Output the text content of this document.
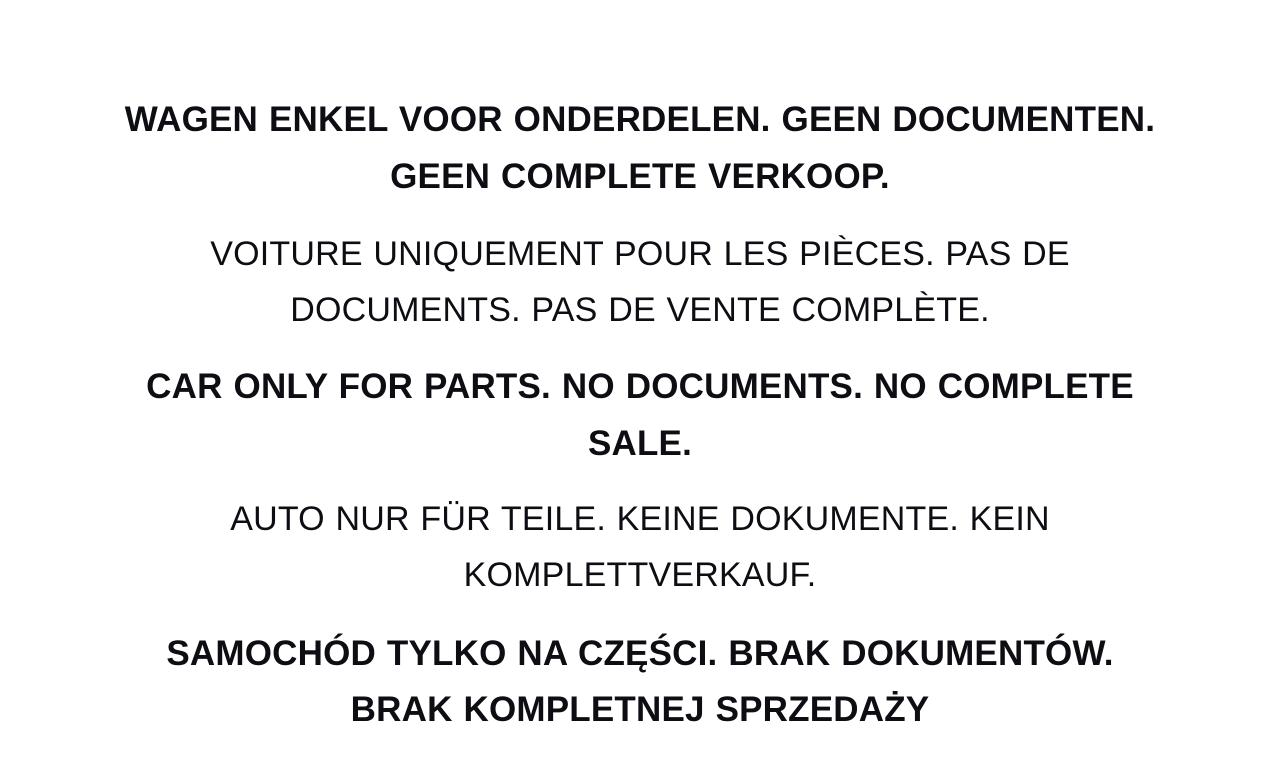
WAGEN ENKEL VOOR ONDERDELEN. GEEN DOCUMENTEN. GEEN COMPLETE VERKOOP.
VOITURE UNIQUEMENT POUR LES PIÈCES. PAS DE DOCUMENTS. PAS DE VENTE COMPLÈTE.
CAR ONLY FOR PARTS. NO DOCUMENTS. NO COMPLETE SALE.
AUTO NUR FÜR TEILE. KEINE DOKUMENTE. KEIN KOMPLETTVERKAUF.
SAMOCHÓD TYLKO NA CZĘŚCI. BRAK DOKUMENTÓW. BRAK KOMPLETNEJ SPRZEDAŻY
